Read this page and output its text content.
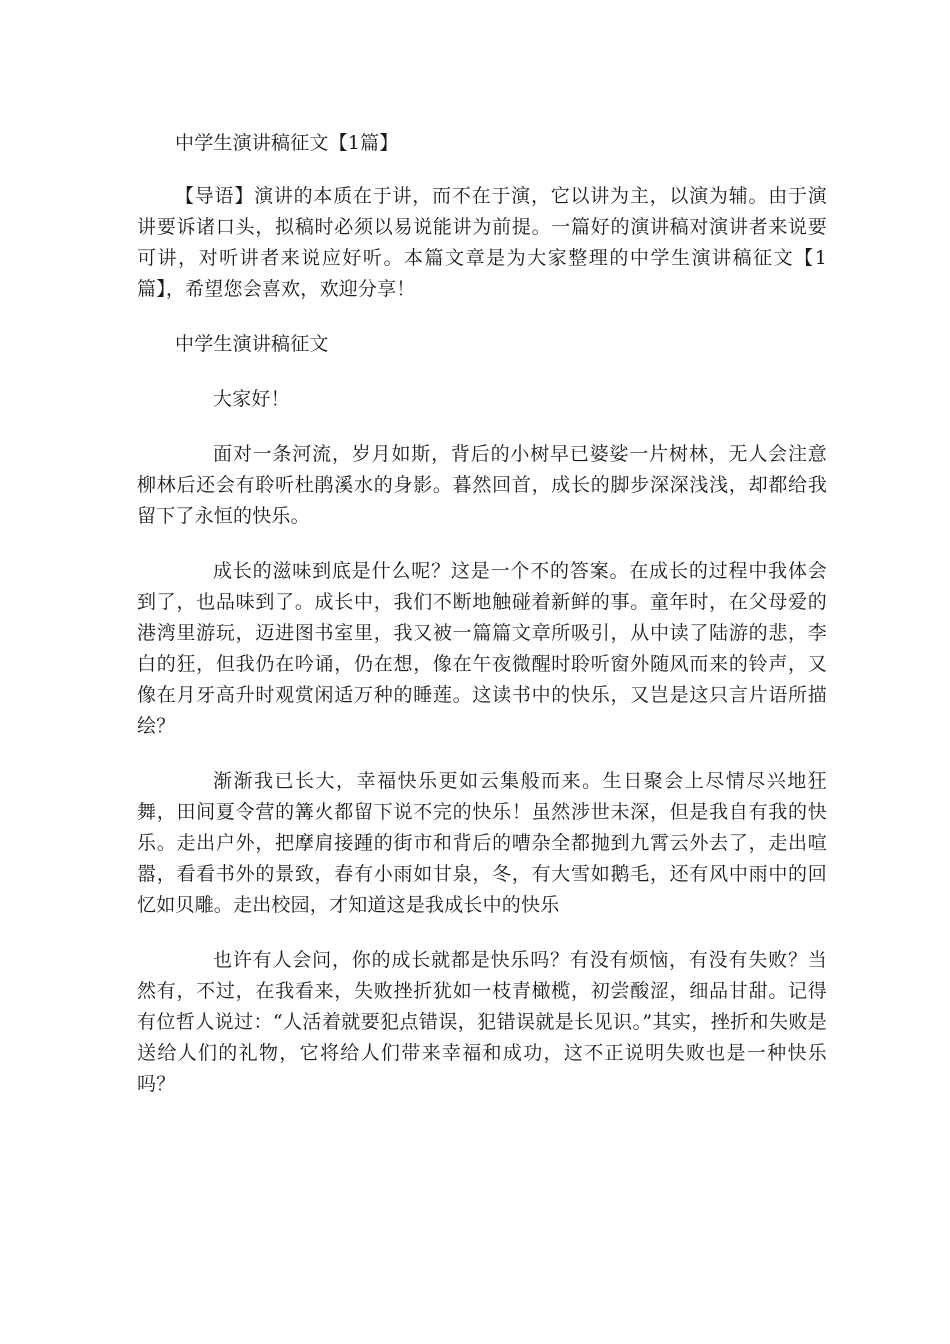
中学生演讲稿征文【1篇】

【导语】演讲的本质在于讲，而不在于演，它以讲为主，以演为辅。由于演讲要诉诸口头，拟稿时必须以易说能讲为前提。一篇好的演讲稿对演讲者来说要可讲，对听讲者来说应好听。本篇文章是为大家整理的中学生演讲稿征文【1篇】，希望您会喜欢，欢迎分享！

中学生演讲稿征文

大家好！

面对一条河流，岁月如斯，背后的小树早已婆娑一片树林，无人会注意柳林后还会有聆听杜鹃溪水的身影。暮然回首，成长的脚步深深浅浅，却都给我留下了永恒的快乐。

成长的滋味到底是什么呢？这是一个不的答案。在成长的过程中我体会到了，也品味到了。成长中，我们不断地触碰着新鲜的事。童年时，在父母爱的港湾里游玩，迈进图书室里，我又被一篇篇文章所吸引，从中读了陆游的悲，李白的狂，但我仍在吟诵，仍在想，像在午夜微醒时聆听窗外随风而来的铃声，又像在月牙高升时观赏闲适万种的睡莲。这读书中的快乐，又岂是这只言片语所描绘？

渐渐我已长大，幸福快乐更如云集般而来。生日聚会上尽情尽兴地狂舞，田间夏令营的篝火都留下说不完的快乐！虽然涉世未深，但是我自有我的快乐。走出户外，把摩肩接踵的街市和背后的嘈杂全都抛到九霄云外去了，走出喧嚣，看看书外的景致，春有小雨如甘泉，冬，有大雪如鹅毛，还有风中雨中的回忆如贝雕。走出校园，才知道这是我成长中的快乐

也许有人会问，你的成长就都是快乐吗？有没有烦恼，有没有失败？当然有，不过，在我看来，失败挫折犹如一枝青橄榄，初尝酸涩，细品甘甜。记得有位哲人说过：“人活着就要犯点错误，犯错误就是长见识。”其实，挫折和失败是送给人们的礼物，它将给人们带来幸福和成功，这不正说明失败也是一种快乐吗？
